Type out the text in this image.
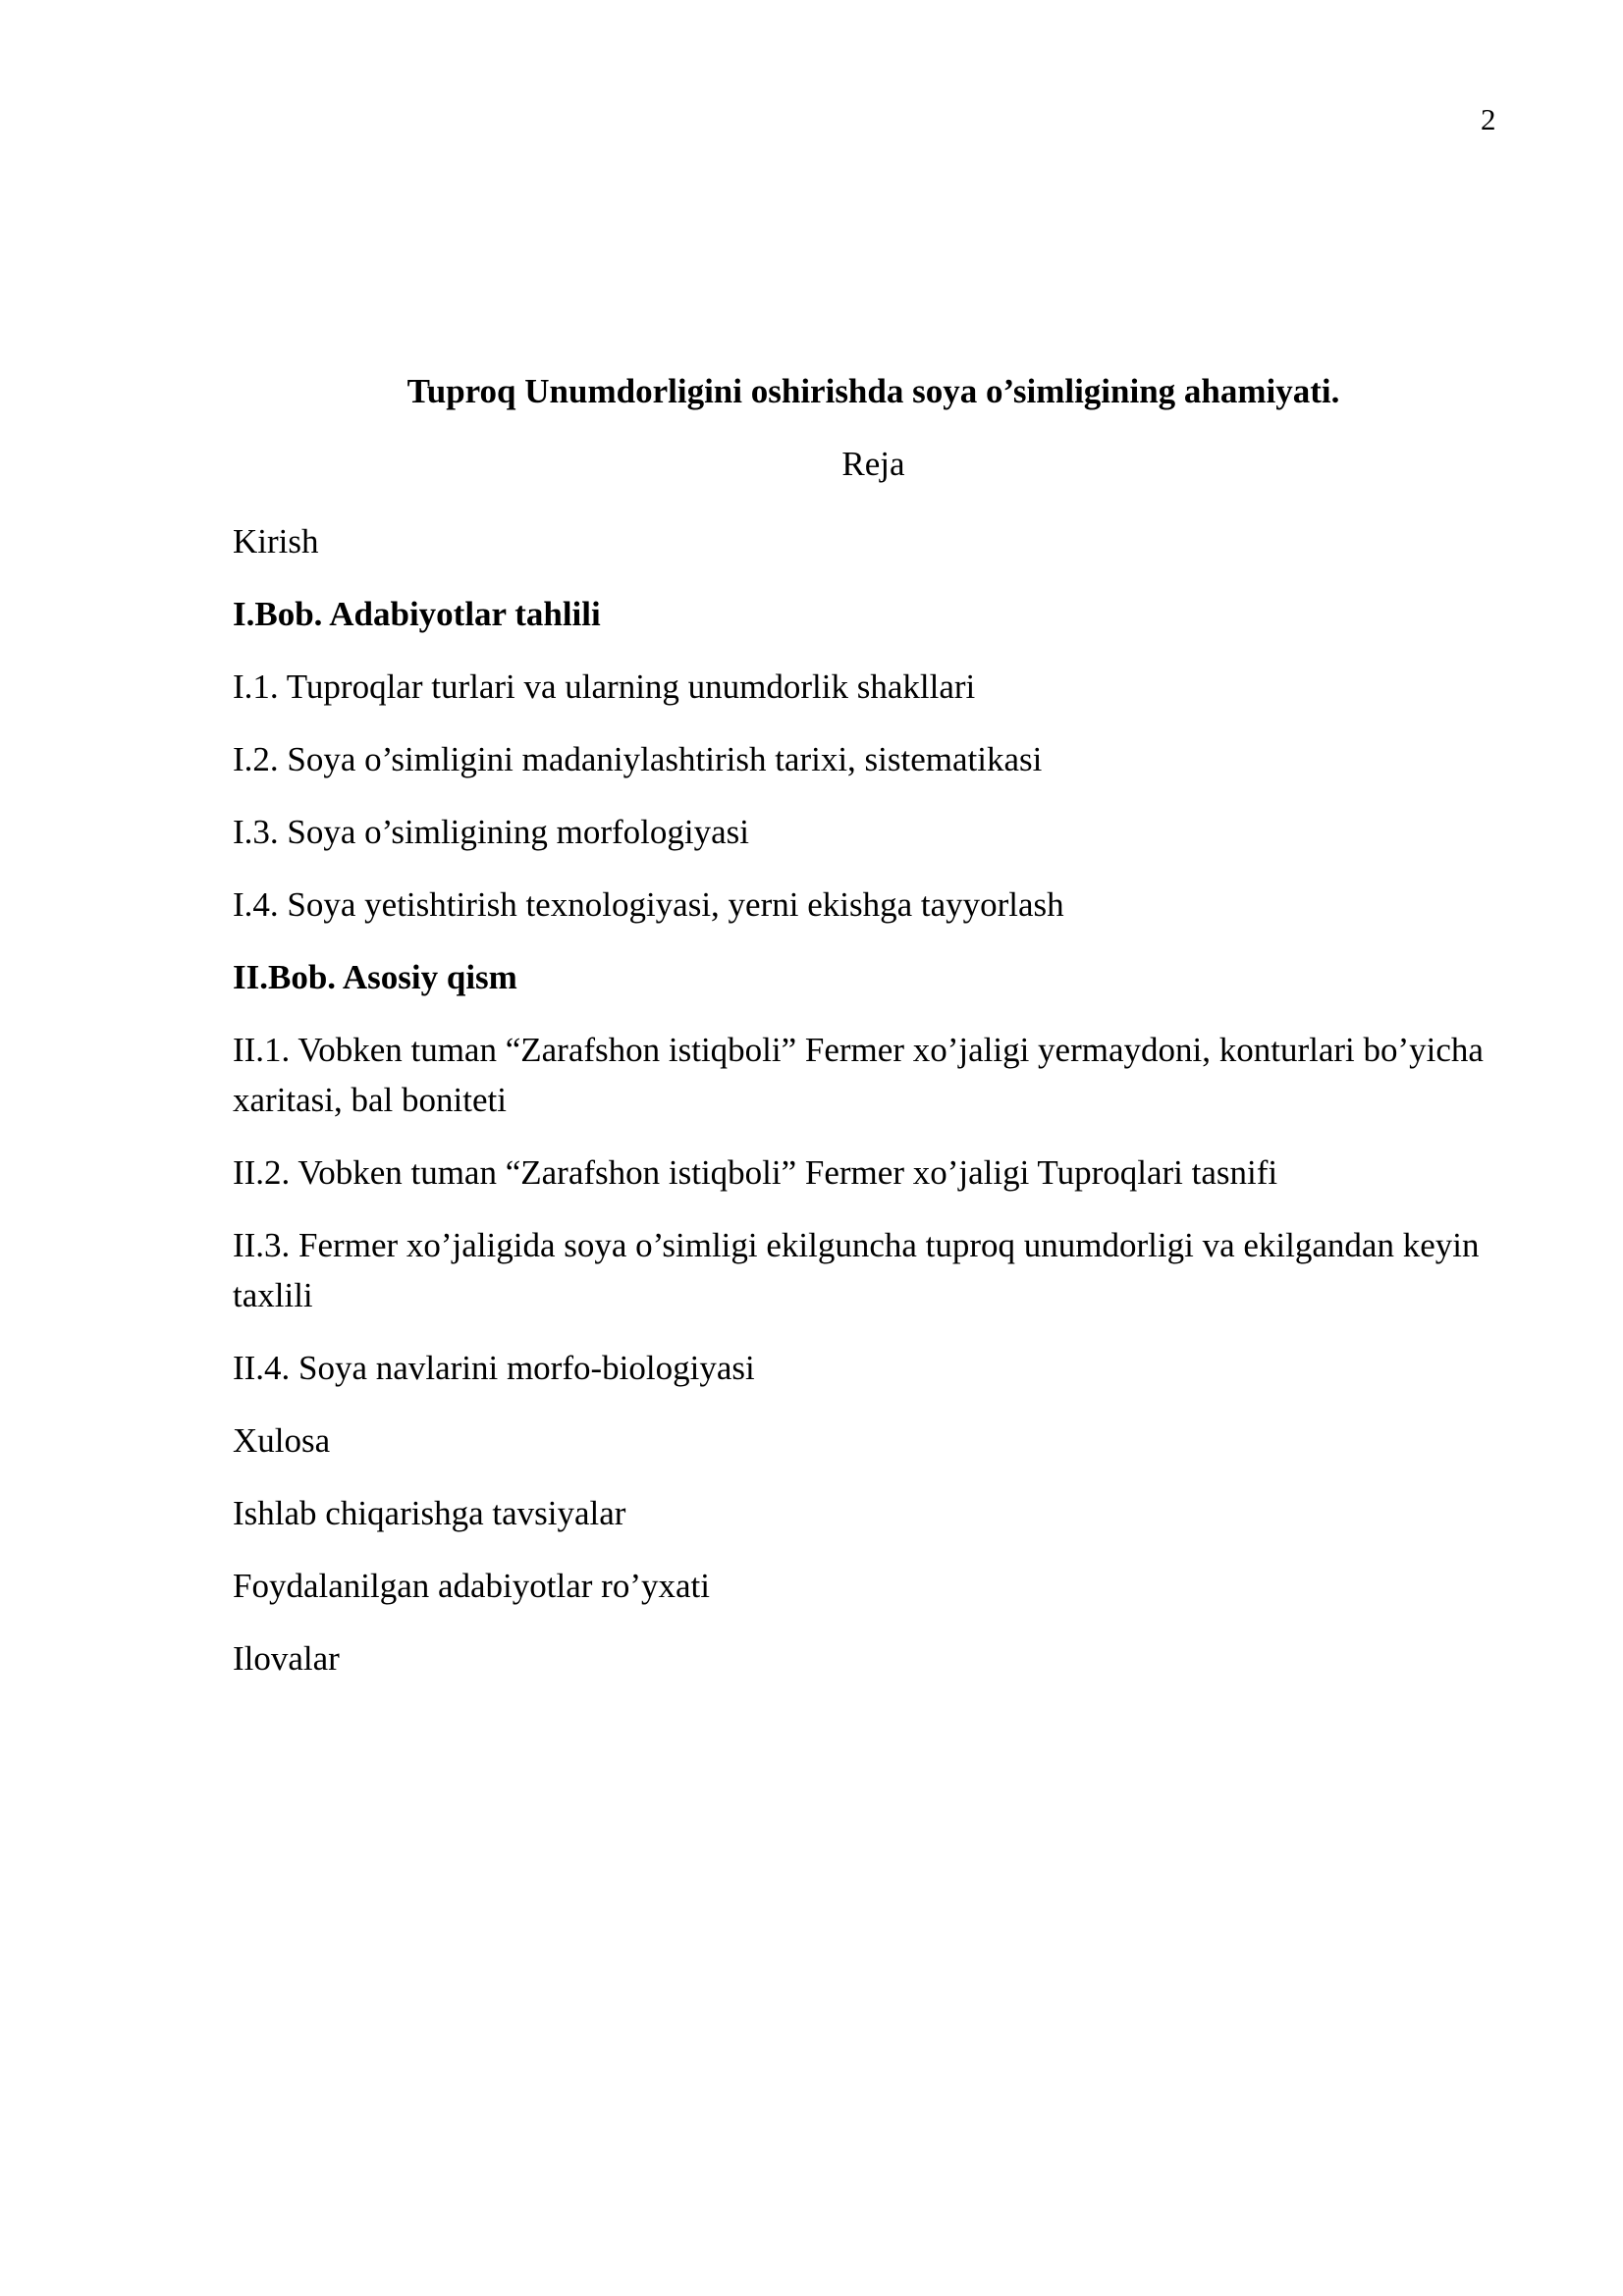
2
Tuproq Unumdorligini oshirishda soya o’simligining ahamiyati.
Reja
Kirish
I.Bob. Adabiyotlar tahlili
I.1. Tuproqlar turlari va ularning unumdorlik shakllari
I.2. Soya o’simligini madaniylashtirish tarixi, sistematikasi
I.3. Soya o’simligining morfologiyasi
I.4. Soya yetishtirish texnologiyasi, yerni ekishga tayyorlash
II.Bob. Asosiy qism
II.1. Vobken tuman “Zarafshon istiqboli” Fermer xo’jaligi yermaydoni, konturlari bo’yicha xaritasi, bal boniteti
II.2. Vobken tuman “Zarafshon istiqboli” Fermer xo’jaligi Tuproqlari tasnifi
II.3. Fermer xo’jaligida soya o’simligi ekilguncha tuproq unumdorligi va ekilgandan keyin taxlili
II.4. Soya navlarini morfo-biologiyasi
Xulosa
Ishlab chiqarishga tavsiyalar
Foydalanilgan adabiyotlar ro’yxati
Ilovalar
